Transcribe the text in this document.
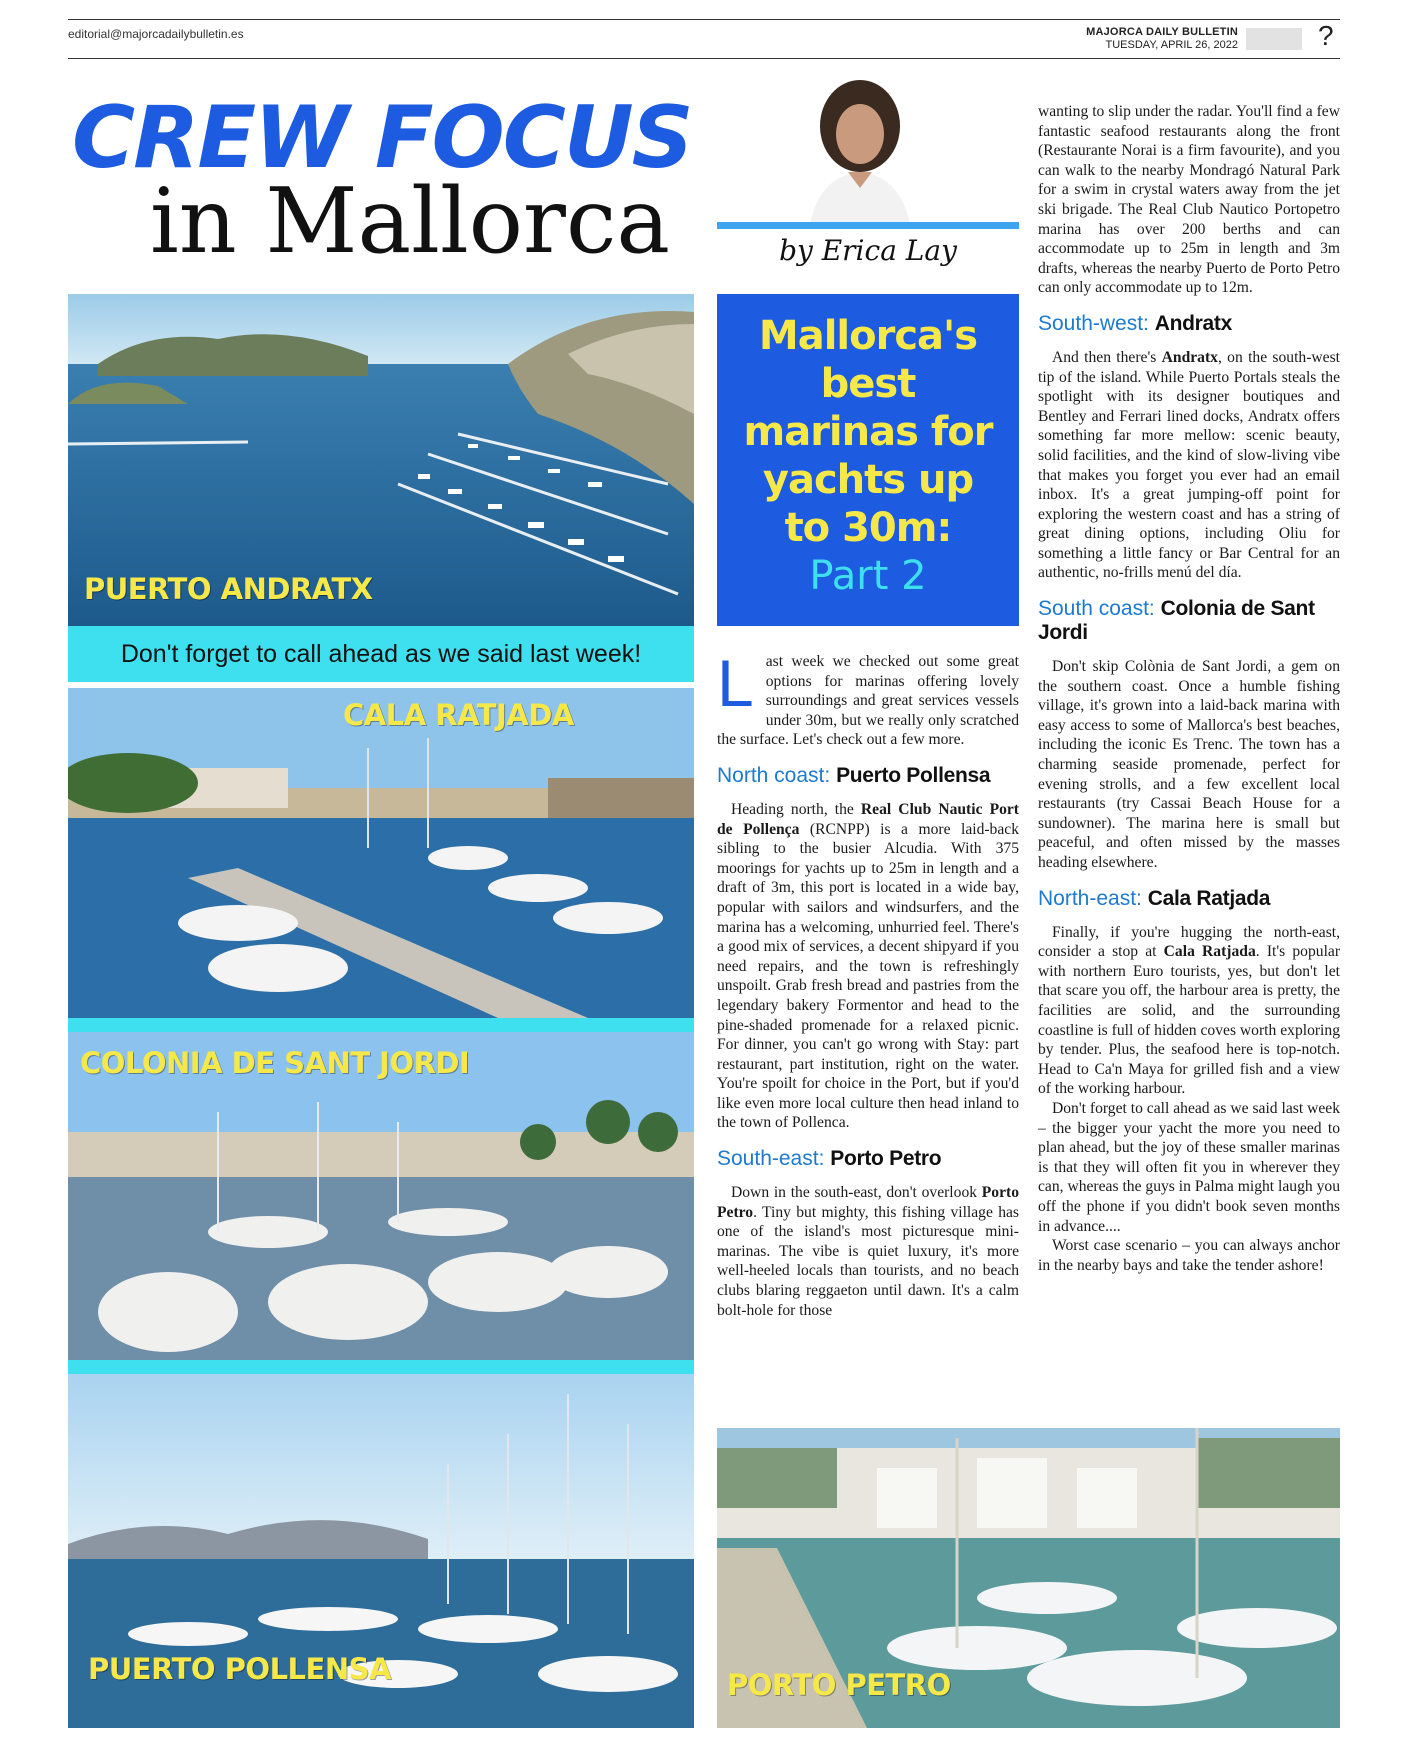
editorial@majorcadailybulletin.es	MAJORCA DAILY BULLETIN
TUESDAY, APRIL 26, 2022	?
CREW FOCUS
in Mallorca
PUERTO ANDRATX
Don't forget to call ahead as we said last week!
CALA RATJADA
COLONIA DE SANT JORDI
PUERTO POLLENSA
by Erica Lay
Mallorca's
best
marinas for
yachts up
to 30m:
Part 2

Last week we checked out some great options for marinas offering lovely surroundings and great services vessels under 30m, but we really only scratched the surface. Let's check out a few more.

North coast: Puerto Pollensa

Heading north, the Real Club Nautic Port de Pollença (RCNPP) is a more laid-back sibling to the busier Alcudia. With 375 moorings for yachts up to 25m in length and a draft of 3m, this port is located in a wide bay, popular with sailors and windsurfers, and the marina has a welcoming, unhurried feel. There's a good mix of services, a decent shipyard if you need repairs, and the town is refreshingly unspoilt. Grab fresh bread and pastries from the legendary bakery Formentor and head to the pine-shaded promenade for a relaxed picnic. For dinner, you can't go wrong with Stay: part restaurant, part institution, right on the water. You're spoilt for choice in the Port, but if you'd like even more local culture then head inland to the town of Pollenca.

South-east: Porto Petro

Down in the south-east, don't overlook Porto Petro. Tiny but mighty, this fishing village has one of the island's most picturesque mini-marinas. The vibe is quiet luxury, it's more well-heeled locals than tourists, and no beach clubs blaring reggaeton until dawn. It's a calm bolt-hole for those

wanting to slip under the radar. You'll find a few fantastic seafood restaurants along the front (Restaurante Norai is a firm favourite), and you can walk to the nearby Mondragó Natural Park for a swim in crystal waters away from the jet ski brigade. The Real Club Nautico Portopetro marina has over 200 berths and can accommodate up to 25m in length and 3m drafts, whereas the nearby Puerto de Porto Petro can only accommodate up to 12m.

South-west: Andratx

And then there's Andratx, on the south-west tip of the island. While Puerto Portals steals the spotlight with its designer boutiques and Bentley and Ferrari lined docks, Andratx offers something far more mellow: scenic beauty, solid facilities, and the kind of slow-living vibe that makes you forget you ever had an email inbox. It's a great jumping-off point for exploring the western coast and has a string of great dining options, including Oliu for something a little fancy or Bar Central for an authentic, no-frills menú del día.

South coast: Colonia de Sant Jordi

Don't skip Colònia de Sant Jordi, a gem on the southern coast. Once a humble fishing village, it's grown into a laid-back marina with easy access to some of Mallorca's best beaches, including the iconic Es Trenc. The town has a charming seaside promenade, perfect for evening strolls, and a few excellent local restaurants (try Cassai Beach House for a sundowner). The marina here is small but peaceful, and often missed by the masses heading elsewhere.

North-east: Cala Ratjada

Finally, if you're hugging the north-east, consider a stop at Cala Ratjada. It's popular with northern Euro tourists, yes, but don't let that scare you off, the harbour area is pretty, the facilities are solid, and the surrounding coastline is full of hidden coves worth exploring by tender. Plus, the seafood here is top-notch. Head to Ca'n Maya for grilled fish and a view of the working harbour.

Don't forget to call ahead as we said last week – the bigger your yacht the more you need to plan ahead, but the joy of these smaller marinas is that they will often fit you in wherever they can, whereas the guys in Palma might laugh you off the phone if you didn't book seven months in advance....

Worst case scenario – you can always anchor in the nearby bays and take the tender ashore!

PORTO PETRO
